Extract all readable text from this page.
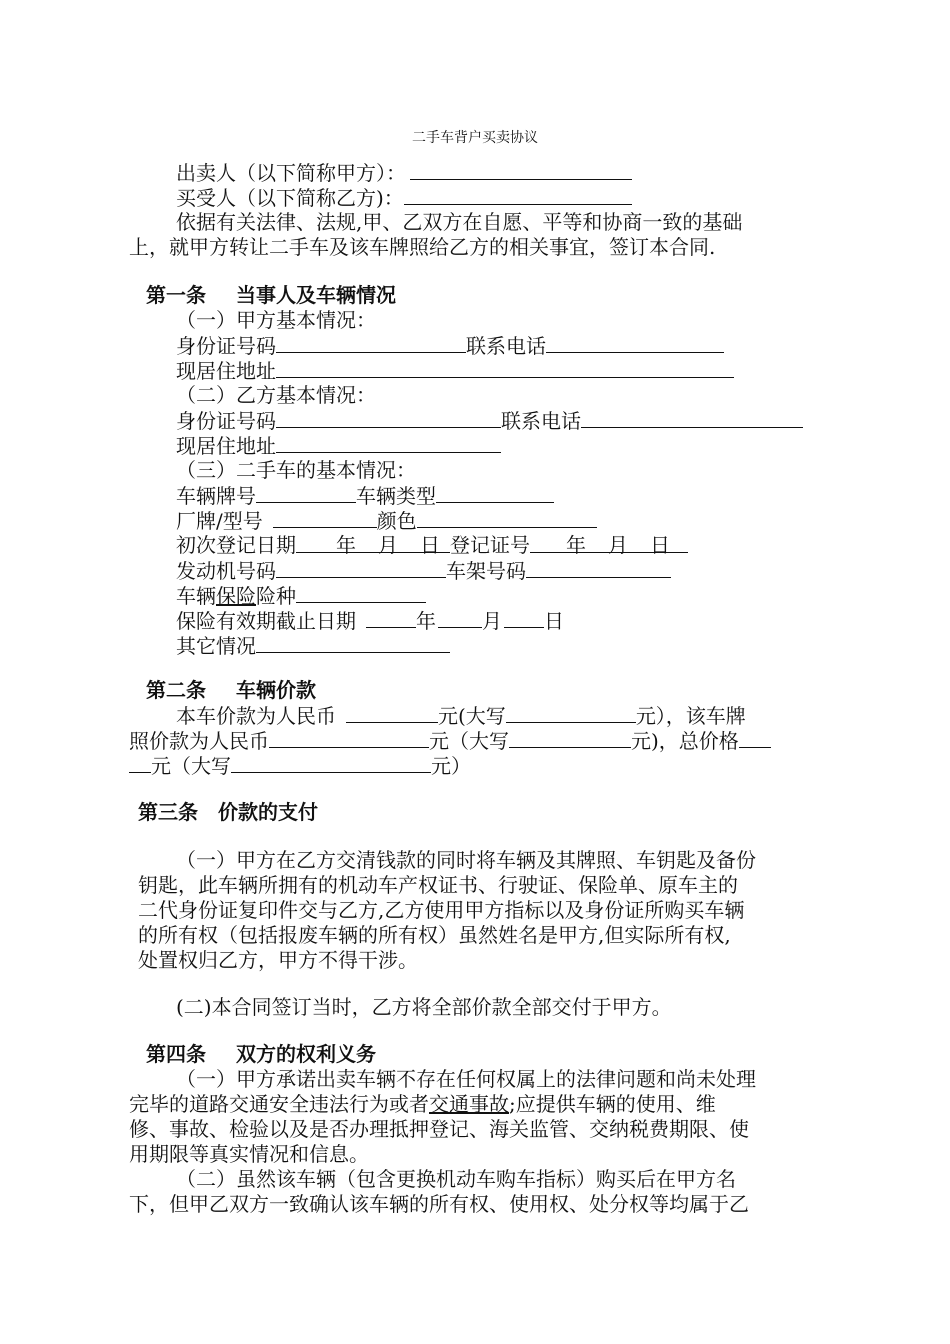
二手车背户买卖协议
出卖人（以下简称甲方）：
买受人（以下简称乙方)：
依据有关法律、法规,甲、乙双方在自愿、平等和协商一致的基础
上，就甲方转让二手车及该车牌照给乙方的相关事宜，签订本合同.
第一条 当事人及车辆情况
（一）甲方基本情况：
身份证号码	联系电话
现居住地址
（二）乙方基本情况：
身份证号码	联系电话
现居住地址
（三）二手车的基本情况：
车辆牌号	车辆类型
厂牌/型号	颜色
初次登记日期 年 月 日 登记证号 年 月 日
发动机号码	车架号码
车辆保险险种
保险有效期截止日期	年 月 日
其它情况
第二条 车辆价款
本车价款为人民币	元(大写	元），该车牌
照价款为人民币	元（大写	元)，总价格
元（大写	元）
第三条 价款的支付
（一）甲方在乙方交清钱款的同时将车辆及其牌照、车钥匙及备份
钥匙，此车辆所拥有的机动车产权证书、行驶证、保险单、原车主的
二代身份证复印件交与乙方,乙方使用甲方指标以及身份证所购买车辆
的所有权（包括报废车辆的所有权）虽然姓名是甲方,但实际所有权,
处置权归乙方，甲方不得干涉。
(二)本合同签订当时，乙方将全部价款全部交付于甲方。
第四条 双方的权利义务
（一）甲方承诺出卖车辆不存在任何权属上的法律问题和尚未处理
完毕的道路交通安全违法行为或者交通事故;应提供车辆的使用、维
修、事故、检验以及是否办理抵押登记、海关监管、交纳税费期限、使
用期限等真实情况和信息。
（二）虽然该车辆（包含更换机动车购车指标）购买后在甲方名
下，但甲乙双方一致确认该车辆的所有权、使用权、处分权等均属于乙
